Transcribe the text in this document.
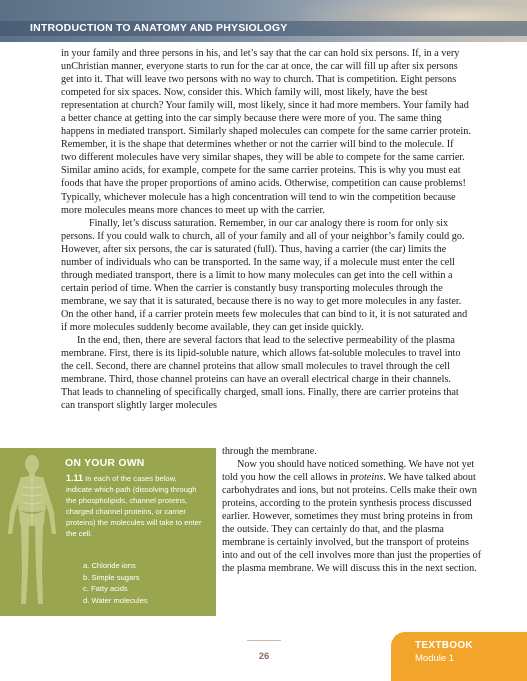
INTRODUCTION TO ANATOMY AND PHYSIOLOGY

in your family and three persons in his, and let’s say that the car can hold six persons. If, in a very unChristian manner, everyone starts to run for the car at once, the car will fill up after six persons get into it. That will leave two persons with no way to church. That is competition. Eight persons competed for six spaces. Now, consider this. Which family will, most likely, have the best representation at church? Your family will, most likely, since it had more members. Your family had a better chance at getting into the car simply because there were more of you. The same thing happens in mediated transport. Similarly shaped molecules can compete for the same carrier protein. Remember, it is the shape that determines whether or not the carrier will bind to the molecule. If two different molecules have very similar shapes, they will be able to compete for the same carrier. Similar amino acids, for example, compete for the same carrier proteins. This is why you must eat foods that have the proper proportions of amino acids. Otherwise, competition can cause problems! Typically, whichever molecule has a high concentration will tend to win the competition because more molecules means more chances to meet up with the carrier.

Finally, let’s discuss saturation. Remember, in our car analogy there is room for only six persons. If you could walk to church, all of your family and all of your neighbor’s family could go. However, after six persons, the car is saturated (full). Thus, having a carrier (the car) limits the number of individuals who can be transported. In the same way, if a molecule must enter the cell through mediated transport, there is a limit to how many molecules can get into the cell within a certain period of time. When the carrier is constantly busy transporting molecules through the membrane, we say that it is saturated, because there is no way to get more molecules in any faster. On the other hand, if a carrier protein meets few molecules that can bind to it, it is not saturated and if more molecules suddenly become available, they can get inside quickly.

In the end, then, there are several factors that lead to the selective permeability of the plasma membrane. First, there is its lipid-soluble nature, which allows fat-soluble molecules to travel into the cell. Second, there are channel proteins that allow small molecules to travel through the cell membrane. Third, those channel proteins can have an overall electrical charge in their channels. That leads to channeling of specifically charged, small ions. Finally, there are carrier proteins that can transport slightly larger molecules

through the membrane.

Now you should have noticed something. We have not yet told you how the cell allows in proteins. We have talked about carbohydrates and ions, but not proteins. Cells make their own proteins, according to the protein synthesis process discussed earlier. However, sometimes they must bring proteins in from the outside. They can certainly do that, and the plasma membrane is certainly involved, but the transport of proteins into and out of the cell involves more than just the properties of the plasma membrane. We will discuss this in the next section.

ON YOUR OWN
1.11 In each of the cases below, indicate which path (dissolving through the phospholipids, channel proteins, charged channel proteins, or carrier proteins) the molecules will take to enter the cell.
a. Chloride ions
b. Simple sugars
c. Fatty acids
d. Water molecules
26
TEXTBOOK
Module 1
